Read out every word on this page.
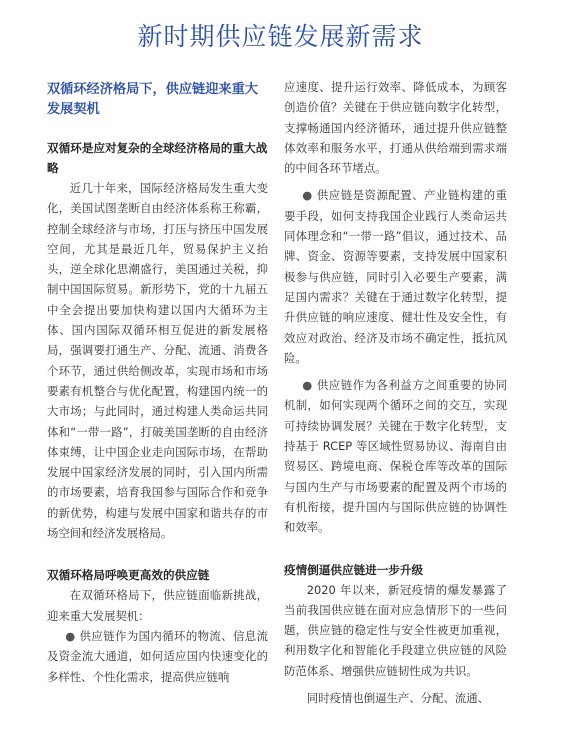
新时期供应链发展新需求

双循环经济格局下，供应链迎来重大发展契机

双循环是应对复杂的全球经济格局的重大战略

近几十年来，国际经济格局发生重大变化，美国试图垄断自由经济体系称王称霸，控制全球经济与市场，打压与挤压中国发展空间，尤其是最近几年，贸易保护主义抬头，逆全球化思潮盛行，美国通过关税，抑制中国国际贸易。新形势下，党的十九届五中全会提出要加快构建以国内大循环为主体、国内国际双循环相互促进的新发展格局，强调要打通生产、分配、流通、消费各个环节，通过供给侧改革，实现市场和市场要素有机整合与优化配置，构建国内统一的大市场；与此同时，通过构建人类命运共同体和“一带一路”，打破美国垄断的自由经济体束缚，让中国企业走向国际市场，在帮助发展中国家经济发展的同时，引入国内所需的市场要素，培育我国参与国际合作和竞争的新优势，构建与发展中国家和谐共存的市场空间和经济发展格局。

双循环格局呼唤更高效的供应链

在双循环格局下，供应链面临新挑战，迎来重大发展契机：

● 供应链作为国内循环的物流、信息流及资金流大通道，如何适应国内快速变化的多样性、个性化需求，提高供应链响

应速度、提升运行效率、降低成本，为顾客创造价值？关键在于供应链向数字化转型，支撑畅通国内经济循环，通过提升供应链整体效率和服务水平，打通从供给端到需求端的中间各环节堵点。

● 供应链是资源配置、产业链构建的重要手段，如何支持我国企业践行人类命运共同体理念和“一带一路”倡议，通过技术、品牌、资金、资源等要素，支持发展中国家积极参与供应链，同时引入必要生产要素，满足国内需求？关键在于通过数字化转型，提升供应链的响应速度、健壮性及安全性，有效应对政治、经济及市场不确定性，抵抗风险。

● 供应链作为各利益方之间重要的协同机制，如何实现两个循环之间的交互，实现可持续协调发展？关键在于数字化转型，支持基于 RCEP 等区域性贸易协议、海南自由贸易区、跨境电商、保税仓库等改革的国际与国内生产与市场要素的配置及两个市场的有机衔接，提升国内与国际供应链的协调性和效率。

疫情倒逼供应链进一步升级

2020 年以来，新冠疫情的爆发暴露了当前我国供应链在面对应急情形下的一些问题，供应链的稳定性与安全性被更加重视，利用数字化和智能化手段建立供应链的风险防范体系、增强供应链韧性成为共识。

同时疫情也倒逼生产、分配、流通、
